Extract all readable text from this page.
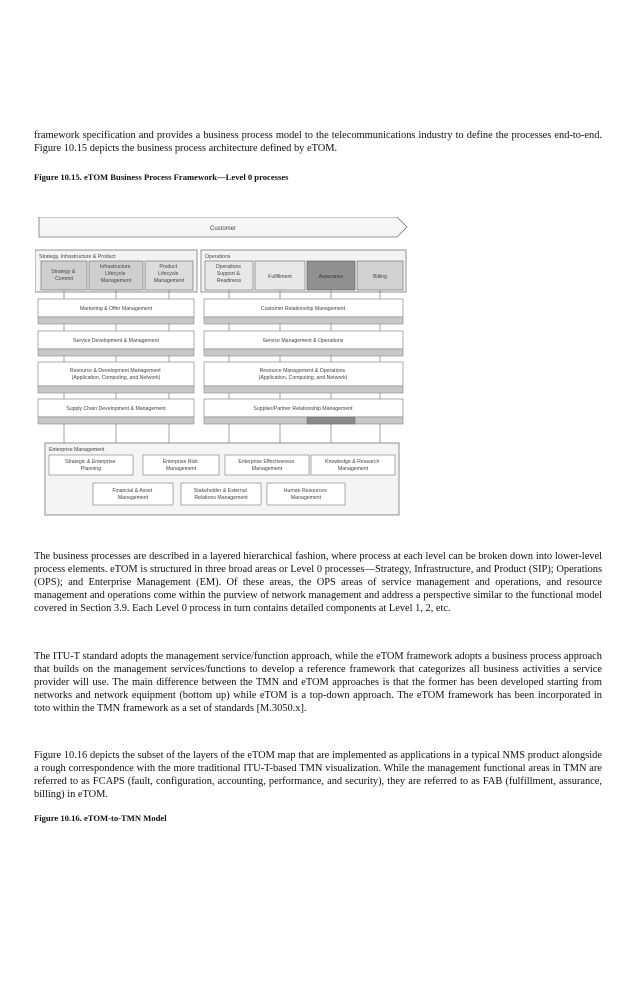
framework specification and provides a business process model to the telecommunications industry to define the processes end-to-end. Figure 10.15 depicts the business process architecture defined by eTOM.

Figure 10.15. eTOM Business Process Framework—Level 0 processes

Customer
Strategy, Infrastructure & Product
Strategy & Commit
Infrastructure Lifecycle Management
Product Lifecycle Management
Operations
Operations Support & Readiness
Fulfillment	Assurance	Billing
Marketing & Offer Management	Customer Relationship Management
Service Development & Management	Service Management & Operations
Resource & Development Management (Application, Computing, and Network)
Resource Management & Operations (Application, Computing, and Network)
Supply Chain Development & Management	Supplier/Partner Relationship Management
Enterprise Management
Strategic & Enterprise Planning
Enterprise Risk Management
Enterprise Effectiveness Management
Knowledge & Research Management
Financial & Asset Management
Stakeholder & External Relations Management
Human Resources Management

The business processes are described in a layered hierarchical fashion, where process at each level can be broken down into lower-level process elements. eTOM is structured in three broad areas or Level 0 processes—Strategy, Infrastructure, and Product (SIP); Operations (OPS); and Enterprise Management (EM). Of these areas, the OPS areas of service management and operations, and resource management and operations come within the purview of network management and address a perspective similar to the functional model covered in Section 3.9. Each Level 0 process in turn contains detailed components at Level 1, 2, etc.

The ITU-T standard adopts the management service/function approach, while the eTOM framework adopts a business process approach that builds on the management services/functions to develop a reference framework that categorizes all business activities a service provider will use. The main difference between the TMN and eTOM approaches is that the former has been developed starting from networks and network equipment (bottom up) while eTOM is a top-down approach. The eTOM framework has been incorporated in toto within the TMN framework as a set of standards [M.3050.x].

Figure 10.16 depicts the subset of the layers of the eTOM map that are implemented as applications in a typical NMS product alongside a rough correspondence with the more traditional ITU-T-based TMN visualization. While the management functional areas in TMN are referred to as FCAPS (fault, configuration, accounting, performance, and security), they are referred to as FAB (fulfillment, assurance, billing) in eTOM.

Figure 10.16. eTOM-to-TMN Model
